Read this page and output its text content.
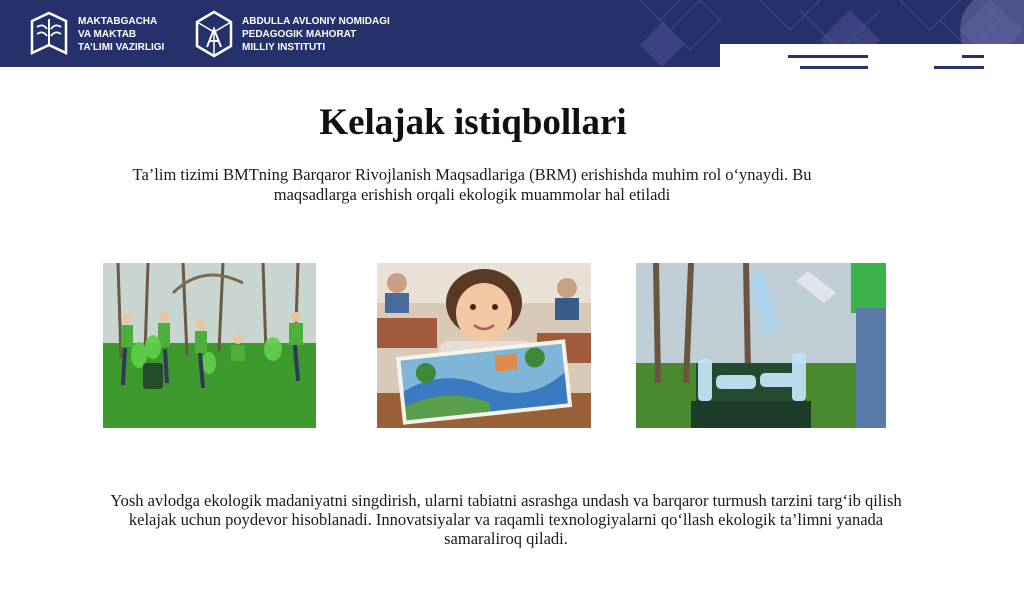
MAKTABGACHA
VA MAKTAB
TA’LIMI VAZIRLIGI
ABDULLA AVLONIY NOMIDAGI
PEDAGOGIK MAHORAT
MILLIY INSTITUTI
Kelajak istiqbollari
Ta’lim tizimi BMTning Barqaror Rivojlanish Maqsadlariga (BRM) erishishda muhim rol o‘ynaydi. Bu maqsadlarga erishish orqali ekologik muammolar hal etiladi
Yosh avlodga ekologik madaniyatni singdirish, ularni tabiatni asrashga undash va barqaror turmush tarzini targ‘ib qilish kelajak uchun poydevor hisoblanadi. Innovatsiyalar va raqamli texnologiyalarni qo‘llash ekologik ta’limni yanada samaraliroq qiladi.
